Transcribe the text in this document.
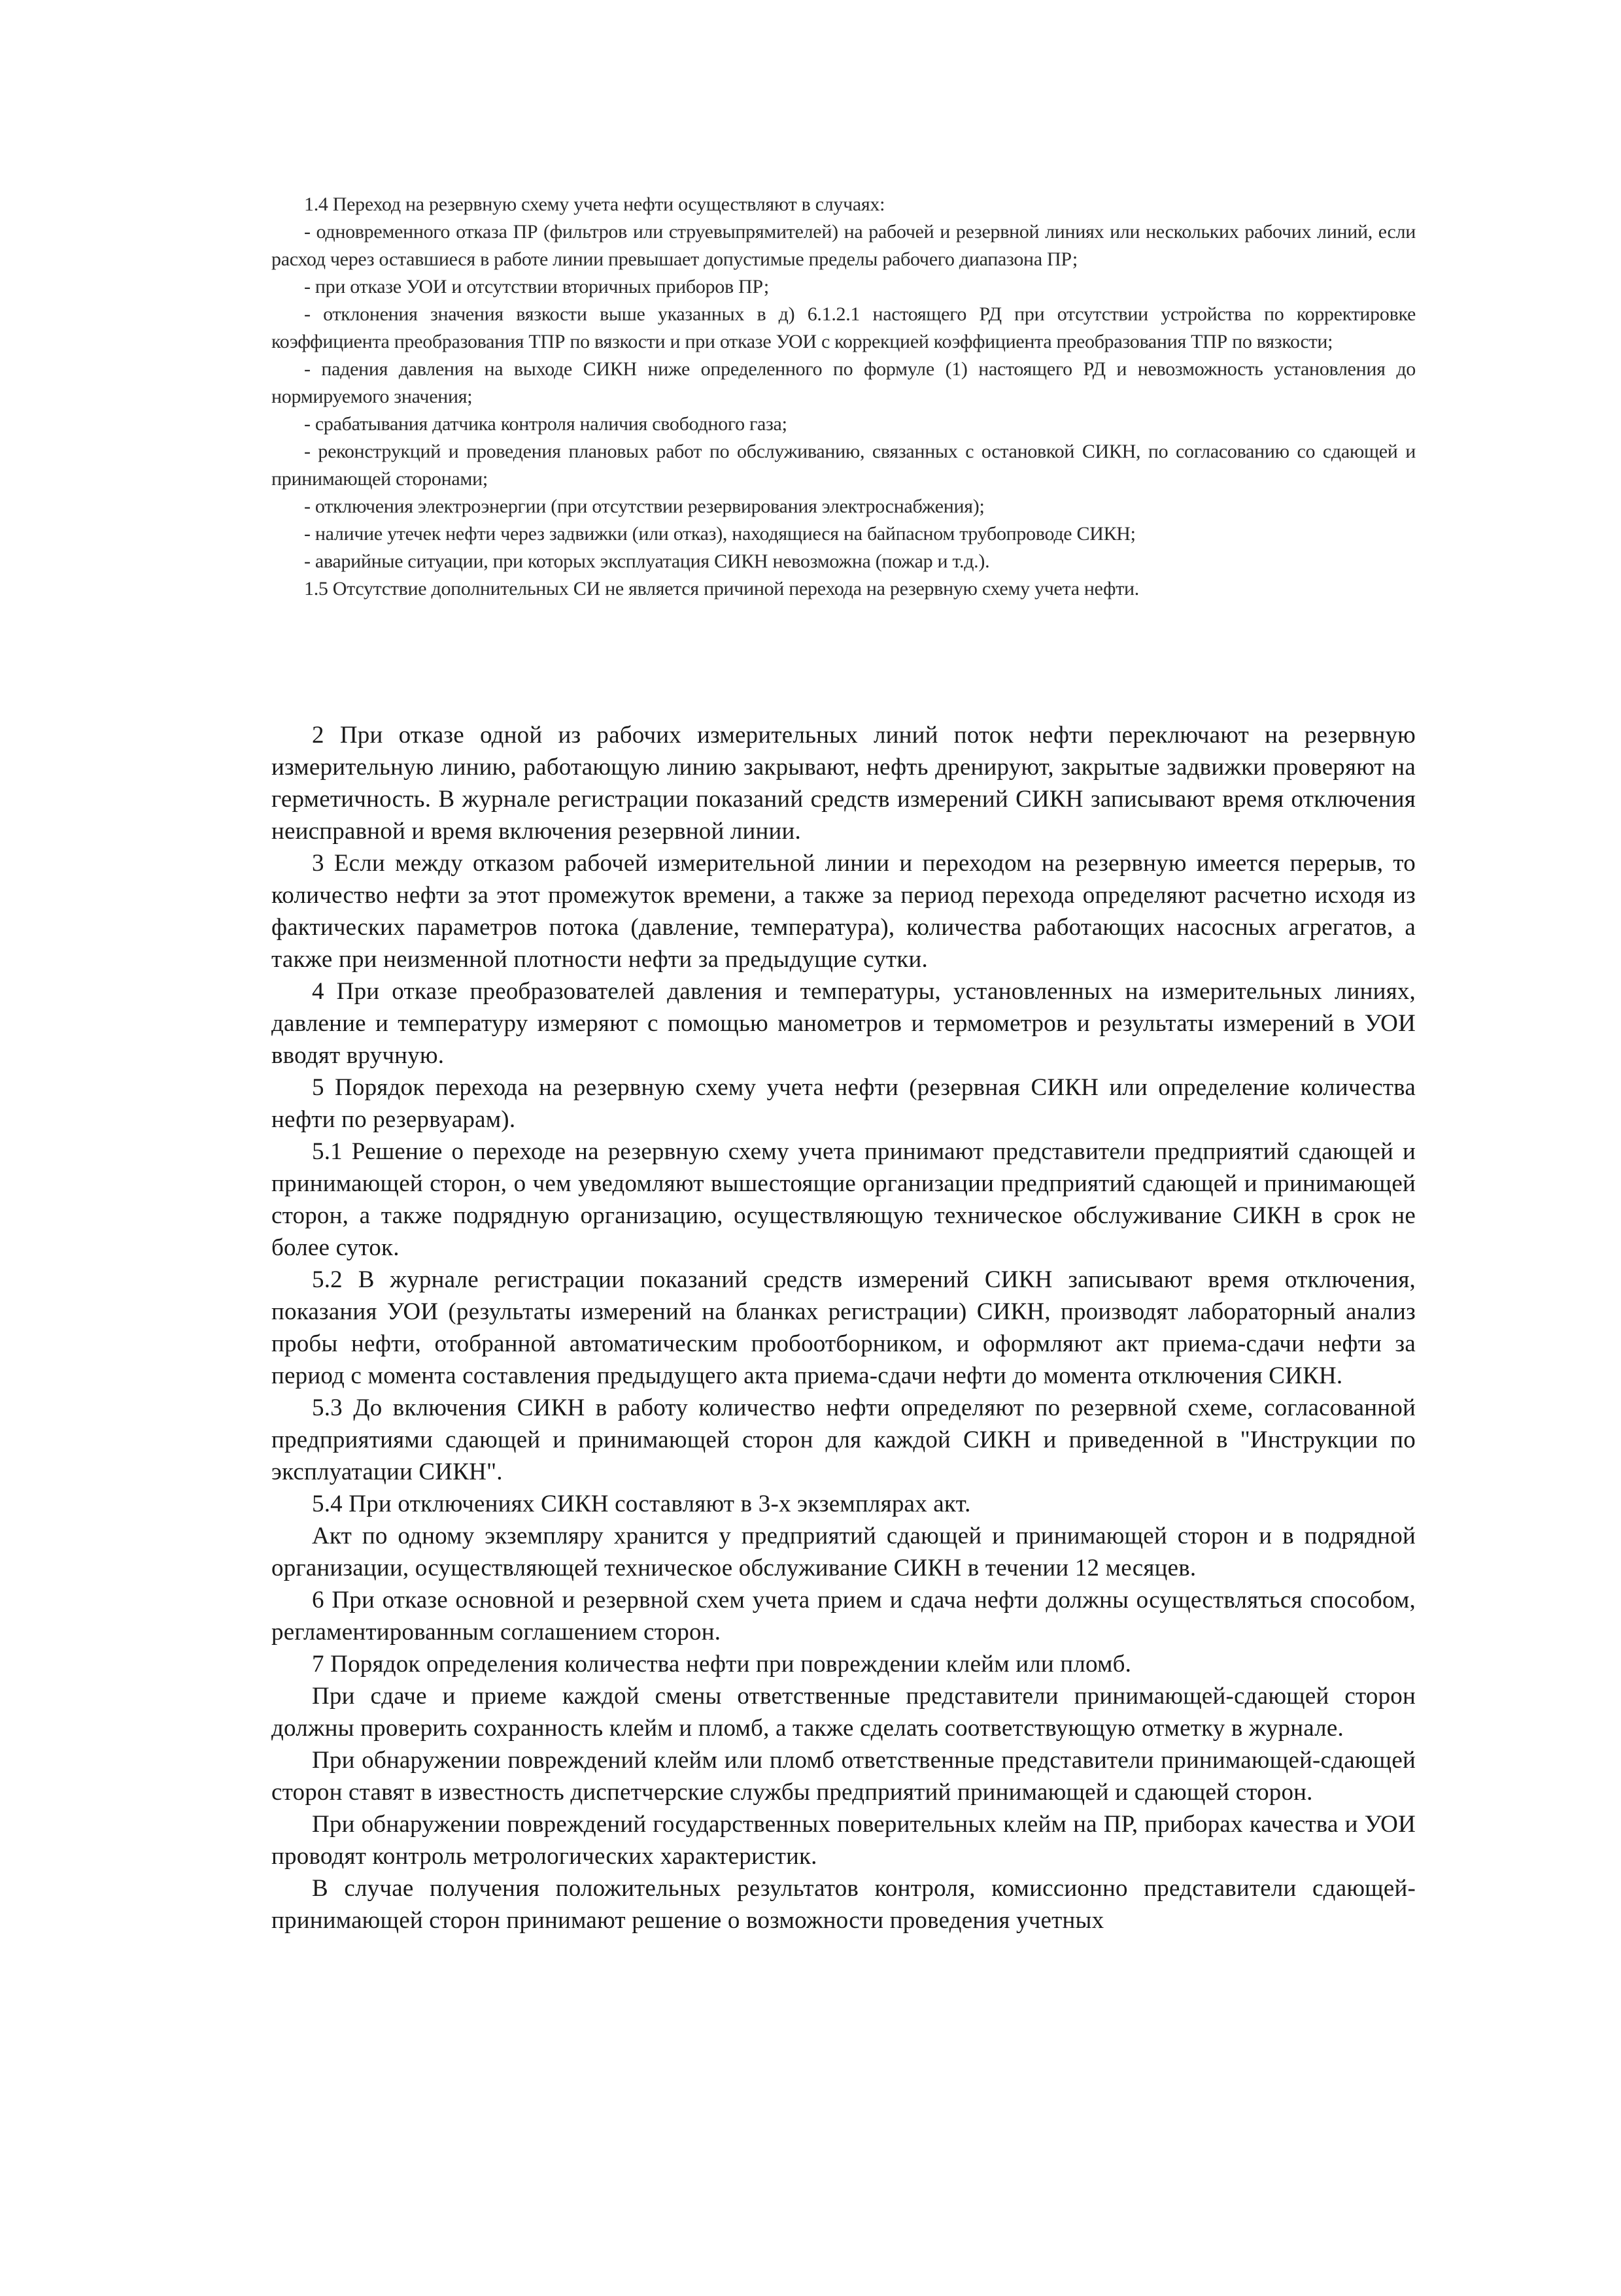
1.4 Переход на резервную схему учета нефти осуществляют в случаях:

- одновременного отказа ПР (фильтров или струевыпрямителей) на рабочей и резервной линиях или нескольких рабочих линий, если расход через оставшиеся в работе линии превышает допустимые пределы рабочего диапазона ПР;

- при отказе УОИ и отсутствии вторичных приборов ПР;

- отклонения значения вязкости выше указанных в д) 6.1.2.1 настоящего РД при отсутствии устройства по корректировке коэффициента преобразования ТПР по вязкости и при отказе УОИ с коррекцией коэффициента преобразования ТПР по вязкости;

- падения давления на выходе СИКН ниже определенного по формуле (1) настоящего РД и невозможность установления до нормируемого значения;

- срабатывания датчика контроля наличия свободного газа;

- реконструкций и проведения плановых работ по обслуживанию, связанных с остановкой СИКН, по согласованию со сдающей и принимающей сторонами;

- отключения электроэнергии (при отсутствии резервирования электроснабжения);

- наличие утечек нефти через задвижки (или отказ), находящиеся на байпасном трубопроводе СИКН;

- аварийные ситуации, при которых эксплуатация СИКН невозможна (пожар и т.д.).

1.5 Отсутствие дополнительных СИ не является причиной перехода на резервную схему учета нефти.

2 При отказе одной из рабочих измерительных линий поток нефти переключают на резервную измерительную линию, работающую линию закрывают, нефть дренируют, закрытые задвижки проверяют на герметичность. В журнале регистрации показаний средств измерений СИКН записывают время отключения неисправной и время включения резервной линии.

3 Если между отказом рабочей измерительной линии и переходом на резервную имеется перерыв, то количество нефти за этот промежуток времени, а также за период перехода определяют расчетно исходя из фактических параметров потока (давление, температура), количества работающих насосных агрегатов, а также при неизменной плотности нефти за предыдущие сутки.

4 При отказе преобразователей давления и температуры, установленных на измерительных линиях, давление и температуру измеряют с помощью манометров и термометров и результаты измерений в УОИ вводят вручную.

5 Порядок перехода на резервную схему учета нефти (резервная СИКН или определение количества нефти по резервуарам).

5.1 Решение о переходе на резервную схему учета принимают представители предприятий сдающей и принимающей сторон, о чем уведомляют вышестоящие организации предприятий сдающей и принимающей сторон, а также подрядную организацию, осуществляющую техническое обслуживание СИКН в срок не более суток.

5.2 В журнале регистрации показаний средств измерений СИКН записывают время отключения, показания УОИ (результаты измерений на бланках регистрации) СИКН, производят лабораторный анализ пробы нефти, отобранной автоматическим пробоотборником, и оформляют акт приема-сдачи нефти за период с момента составления предыдущего акта приема-сдачи нефти до момента отключения СИКН.

5.3 До включения СИКН в работу количество нефти определяют по резервной схеме, согласованной предприятиями сдающей и принимающей сторон для каждой СИКН и приведенной в "Инструкции по эксплуатации СИКН".

5.4 При отключениях СИКН составляют в 3-х экземплярах акт.

Акт по одному экземпляру хранится у предприятий сдающей и принимающей сторон и в подрядной организации, осуществляющей техническое обслуживание СИКН в течении 12 месяцев.

6 При отказе основной и резервной схем учета прием и сдача нефти должны осуществляться способом, регламентированным соглашением сторон.

7 Порядок определения количества нефти при повреждении клейм или пломб.

При сдаче и приеме каждой смены ответственные представители принимающей-сдающей сторон должны проверить сохранность клейм и пломб, а также сделать соответствующую отметку в журнале.

При обнаружении повреждений клейм или пломб ответственные представители принимающей-сдающей сторон ставят в известность диспетчерские службы предприятий принимающей и сдающей сторон.

При обнаружении повреждений государственных поверительных клейм на ПР, приборах качества и УОИ проводят контроль метрологических характеристик.

В случае получения положительных результатов контроля, комиссионно представители сдающей-принимающей сторон принимают решение о возможности проведения учетных
